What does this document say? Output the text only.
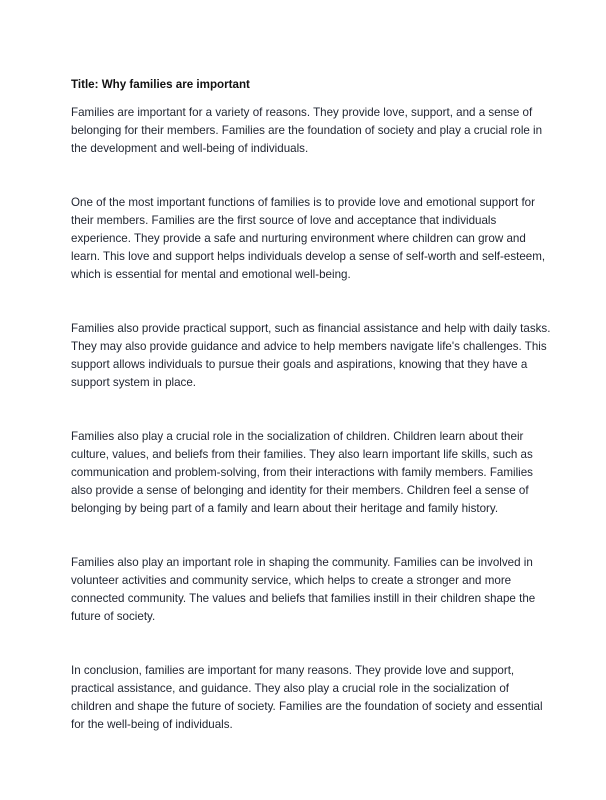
Title: Why families are important

Families are important for a variety of reasons. They provide love, support, and a sense of belonging for their members. Families are the foundation of society and play a crucial role in the development and well-being of individuals.

One of the most important functions of families is to provide love and emotional support for their members. Families are the first source of love and acceptance that individuals experience. They provide a safe and nurturing environment where children can grow and learn. This love and support helps individuals develop a sense of self-worth and self-esteem, which is essential for mental and emotional well-being.

Families also provide practical support, such as financial assistance and help with daily tasks. They may also provide guidance and advice to help members navigate life's challenges. This support allows individuals to pursue their goals and aspirations, knowing that they have a support system in place.

Families also play a crucial role in the socialization of children. Children learn about their culture, values, and beliefs from their families. They also learn important life skills, such as communication and problem-solving, from their interactions with family members. Families also provide a sense of belonging and identity for their members. Children feel a sense of belonging by being part of a family and learn about their heritage and family history.

Families also play an important role in shaping the community. Families can be involved in volunteer activities and community service, which helps to create a stronger and more connected community. The values and beliefs that families instill in their children shape the future of society.

In conclusion, families are important for many reasons. They provide love and support, practical assistance, and guidance. They also play a crucial role in the socialization of children and shape the future of society. Families are the foundation of society and essential for the well-being of individuals.
